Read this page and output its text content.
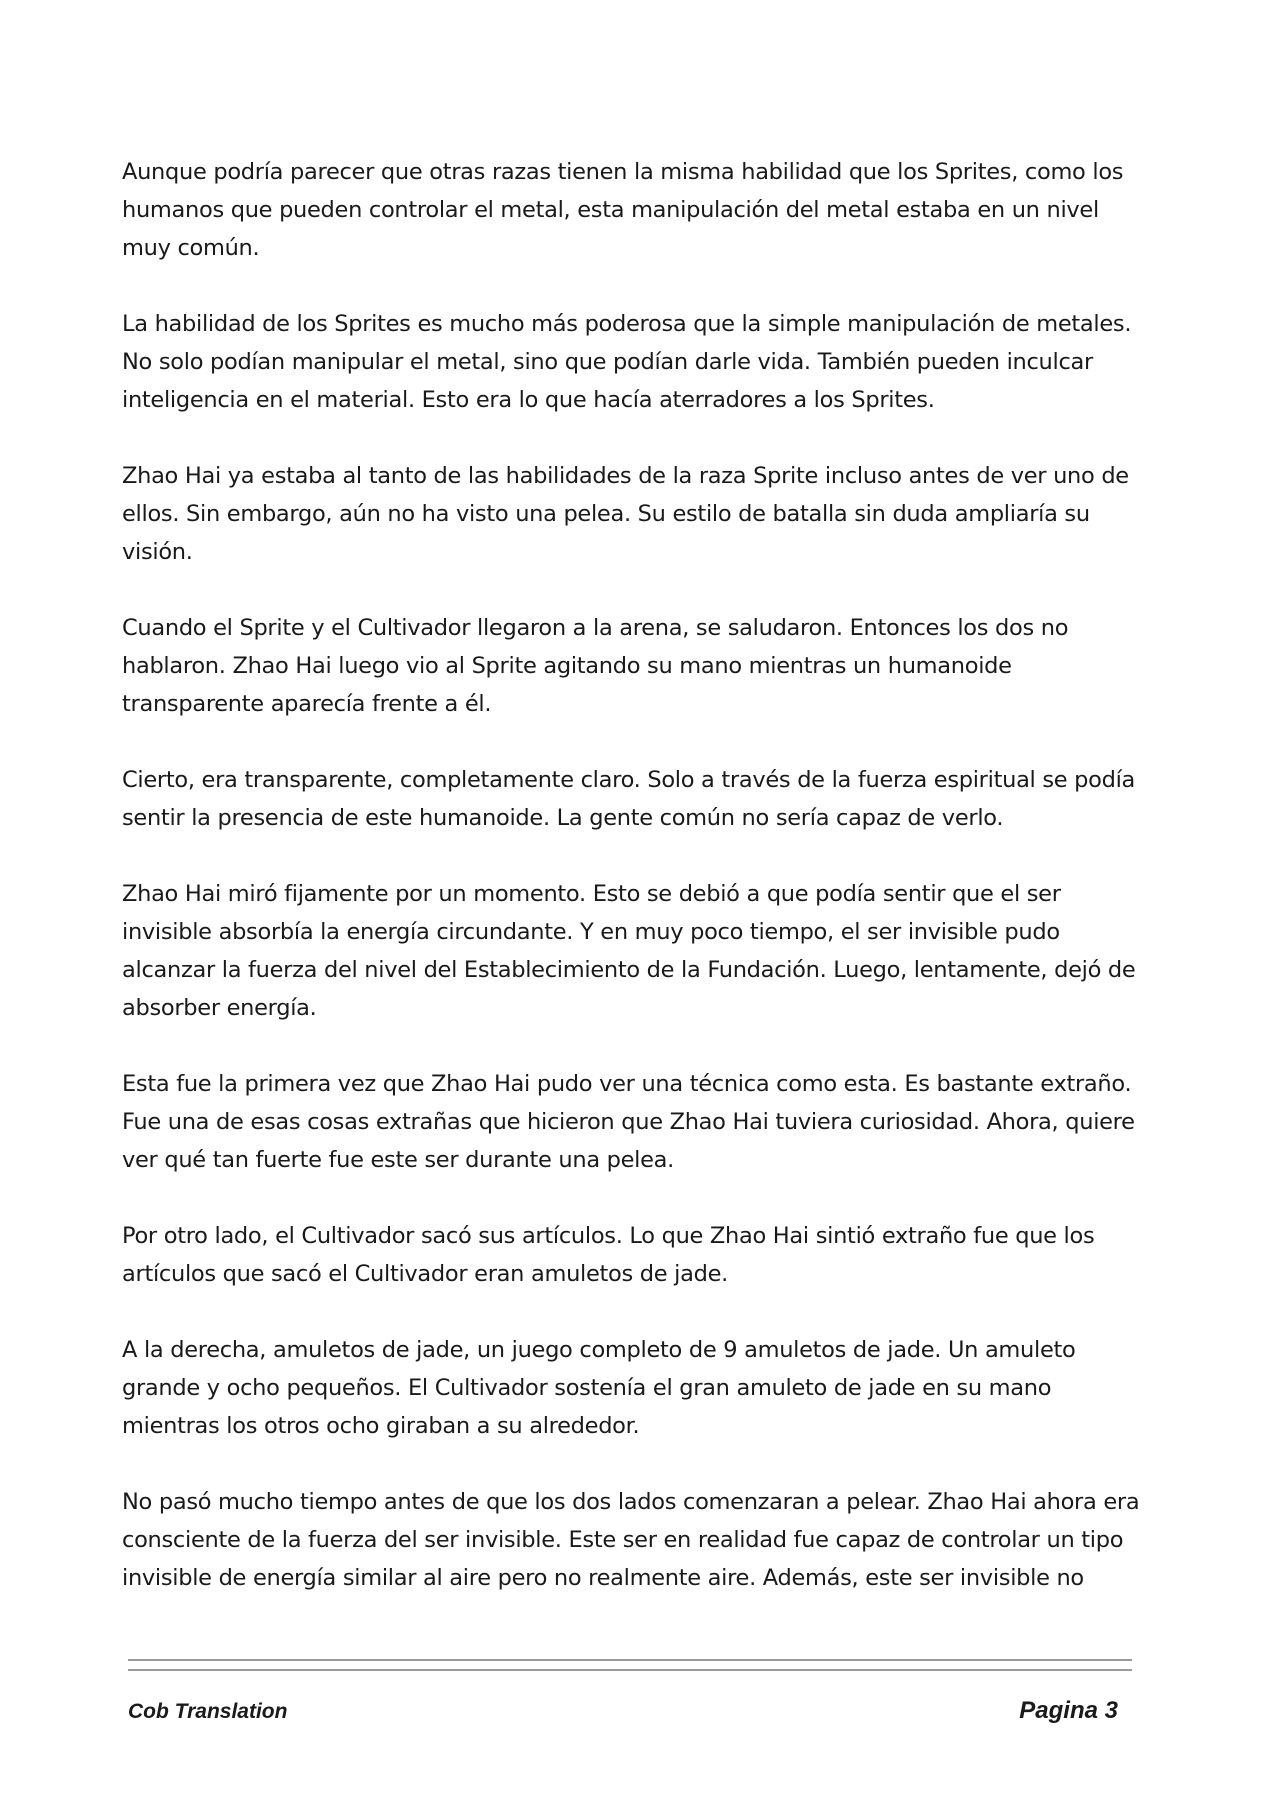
Aunque podría parecer que otras razas tienen la misma habilidad que los Sprites, como los humanos que pueden controlar el metal, esta manipulación del metal estaba en un nivel muy común.

La habilidad de los Sprites es mucho más poderosa que la simple manipulación de metales. No solo podían manipular el metal, sino que podían darle vida. También pueden inculcar inteligencia en el material. Esto era lo que hacía aterradores a los Sprites.

Zhao Hai ya estaba al tanto de las habilidades de la raza Sprite incluso antes de ver uno de ellos. Sin embargo, aún no ha visto una pelea. Su estilo de batalla sin duda ampliaría su visión.

Cuando el Sprite y el Cultivador llegaron a la arena, se saludaron. Entonces los dos no hablaron. Zhao Hai luego vio al Sprite agitando su mano mientras un humanoide transparente aparecía frente a él.

Cierto, era transparente, completamente claro. Solo a través de la fuerza espiritual se podía sentir la presencia de este humanoide. La gente común no sería capaz de verlo.

Zhao Hai miró fijamente por un momento. Esto se debió a que podía sentir que el ser invisible absorbía la energía circundante. Y en muy poco tiempo, el ser invisible pudo alcanzar la fuerza del nivel del Establecimiento de la Fundación. Luego, lentamente, dejó de absorber energía.

Esta fue la primera vez que Zhao Hai pudo ver una técnica como esta. Es bastante extraño. Fue una de esas cosas extrañas que hicieron que Zhao Hai tuviera curiosidad. Ahora, quiere ver qué tan fuerte fue este ser durante una pelea.

Por otro lado, el Cultivador sacó sus artículos. Lo que Zhao Hai sintió extraño fue que los artículos que sacó el Cultivador eran amuletos de jade.

A la derecha, amuletos de jade, un juego completo de 9 amuletos de jade. Un amuleto grande y ocho pequeños. El Cultivador sostenía el gran amuleto de jade en su mano mientras los otros ocho giraban a su alrededor.

No pasó mucho tiempo antes de que los dos lados comenzaran a pelear. Zhao Hai ahora era consciente de la fuerza del ser invisible. Este ser en realidad fue capaz de controlar un tipo invisible de energía similar al aire pero no realmente aire. Además, este ser invisible no

Cob Translation	Pagina 3
